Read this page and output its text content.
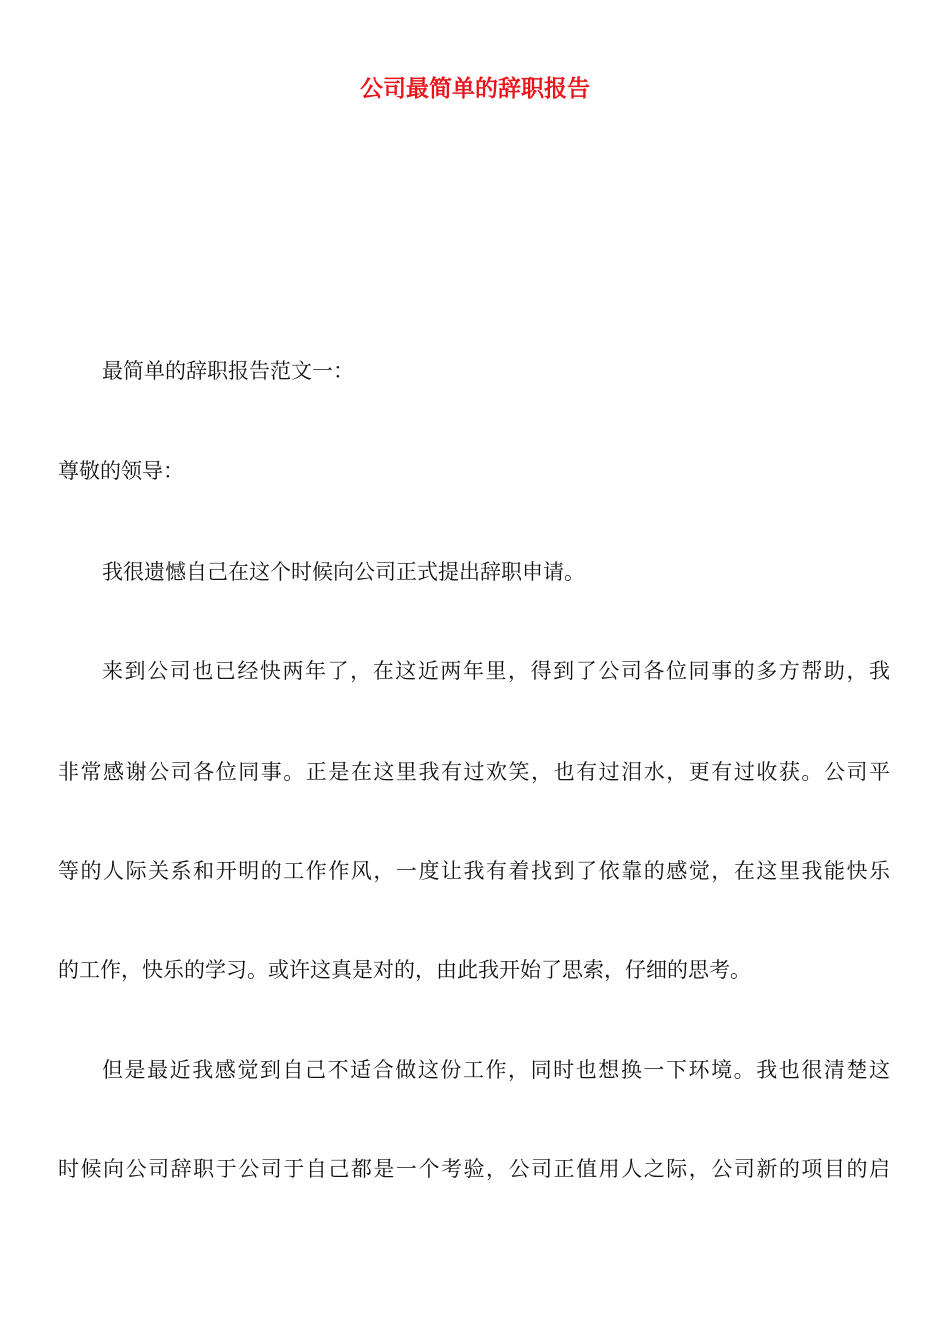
公司最简单的辞职报告

最简单的辞职报告范文一：

尊敬的领导：

我很遗憾自己在这个时候向公司正式提出辞职申请。

来到公司也已经快两年了，在这近两年里，得到了公司各位同事的多方帮助，我

非常感谢公司各位同事。正是在这里我有过欢笑，也有过泪水，更有过收获。公司平

等的人际关系和开明的工作作风，一度让我有着找到了依靠的感觉，在这里我能快乐

的工作，快乐的学习。或许这真是对的，由此我开始了思索，仔细的思考。

但是最近我感觉到自己不适合做这份工作，同时也想换一下环境。我也很清楚这

时候向公司辞职于公司于自己都是一个考验，公司正值用人之际，公司新的项目的启
